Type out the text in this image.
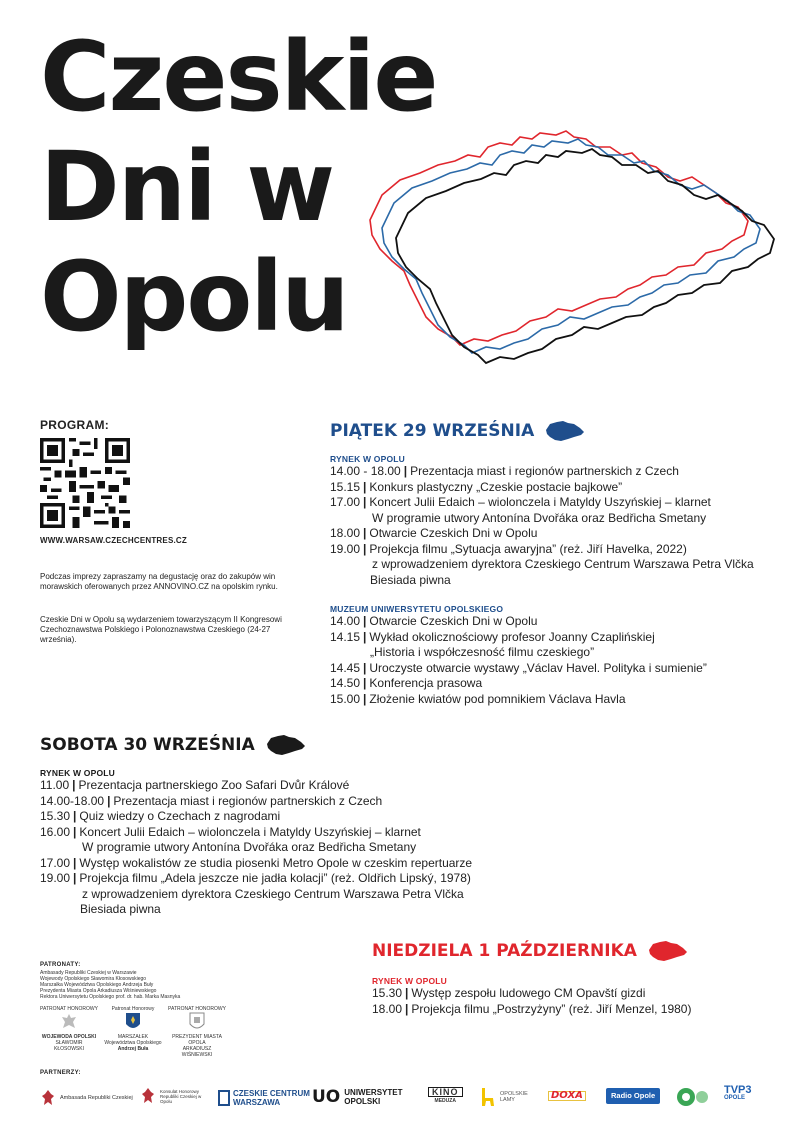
Czeskie
Dni w
Opolu
PROGRAM:
WWW.WARSAW.CZECHCENTRES.CZ
Podczas imprezy zapraszamy na degustację oraz do zakupów win morawskich oferowanych przez ANNOVINO.CZ na opolskim rynku.
Czeskie Dni w Opolu są wydarzeniem towarzyszącym II Kongresowi Czechoznawstwa Polskiego i Polonoznawstwa Czeskiego (24-27 września).
PIĄTEK 29 WRZEŚNIA
RYNEK W OPOLU
14.00 - 18.00 | Prezentacja miast i regionów partnerskich z Czech
15.15 | Konkurs plastyczny „Czeskie postacie bajkowe”
17.00 | Koncert Julii Edaich – wiolonczela i Matyldy Uszyńskiej – klarnet
W programie utwory Antonína Dvořáka oraz Bedřicha Smetany
18.00 | Otwarcie Czeskich Dni w Opolu
19.00 | Projekcja filmu „Sytuacja awaryjna” (reż. Jiří Havelka, 2022)
z wprowadzeniem dyrektora Czeskiego Centrum Warszawa Petra Vlčka
Biesiada piwna
MUZEUM UNIWERSYTETU OPOLSKIEGO
14.00 | Otwarcie Czeskich Dni w Opolu
14.15 | Wykład okolicznościowy profesor Joanny Czaplińskiej
„Historia i współczesność filmu czeskiego”
14.45 | Uroczyste otwarcie wystawy „Václav Havel. Polityka i sumienie”
14.50 | Konferencja prasowa
15.00 | Złożenie kwiatów pod pomnikiem Václava Havla
SOBOTA 30 WRZEŚNIA
RYNEK W OPOLU
11.00 | Prezentacja partnerskiego Zoo Safari Dvůr Králové
14.00-18.00 | Prezentacja miast i regionów partnerskich z Czech
15.30 | Quiz wiedzy o Czechach z nagrodami
16.00 | Koncert Julii Edaich – wiolonczela i Matyldy Uszyńskiej – klarnet
W programie utwory Antonína Dvořáka oraz Bedřicha Smetany
17.00 | Występ wokalistów ze studia piosenki Metro Opole w czeskim repertuarze
19.00 | Projekcja filmu „Adela jeszcze nie jadła kolacji” (reż. Oldřich Lipský, 1978)
z wprowadzeniem dyrektora Czeskiego Centrum Warszawa Petra Vlčka
Biesiada piwna
NIEDZIELA 1 PAŹDZIERNIKA
RYNEK W OPOLU
15.30 | Występ zespołu ludowego CM Opavští gizdi
18.00 | Projekcja filmu „Postrzyżyny” (reż. Jiří Menzel, 1980)
PATRONATY:
Ambasady Republiki Czeskiej w Warszawie
Wojewody Opolskiego Sławomira Kłosowskiego
Marszałka Województwa Opolskiego Andrzeja Buły
Prezydenta Miasta Opola Arkadiusza Wiśniewskiego
Rektora Uniwersytetu Opolskiego prof. dr. hab. Marka Masnyka
PATRONAT HONOROWY
WOJEWODA OPOLSKI
SŁAWOMIR KŁOSOWSKI
Patronat Honorowy
MARSZAŁEK Województwa Opolskiego
Andrzej Buła
PATRONAT HONOROWY
PREZYDENT MIASTA OPOLA
ARKADIUSZ WIŚNIEWSKI
PARTNERZY:
Ambasada Republiki Czeskiej
Konsulat Honorowy Republiki Czeskiej w Opolu
CZESKIE CENTRUM
WARSZAWA	UO UNIWERSYTET
OPOLSKI
KINO
MEDUZA
OPOLSKIE
LAMY	DOXA	Radio Opole	TVP3
OPOLE
